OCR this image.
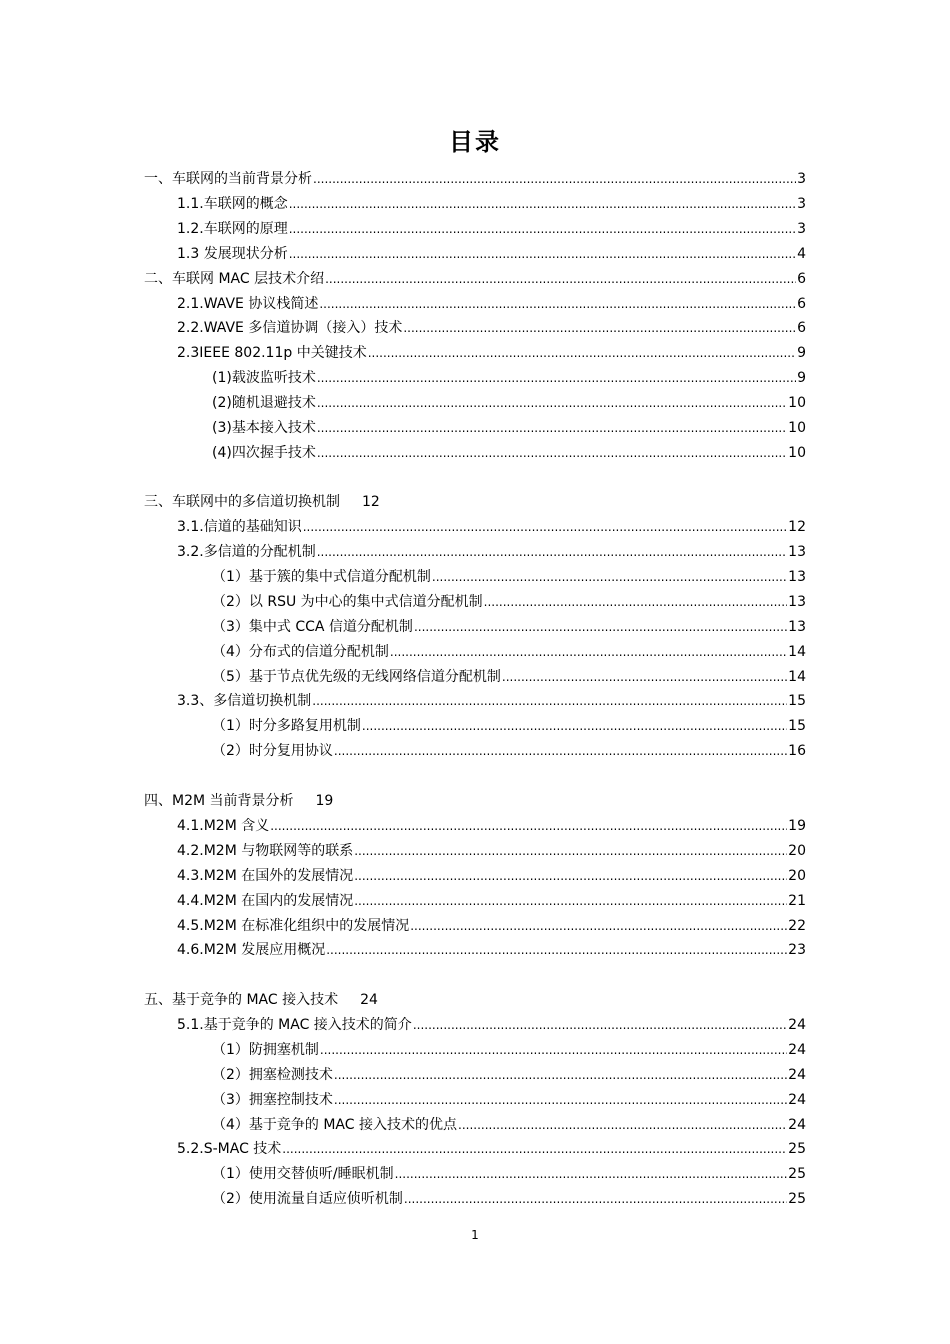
目录
一、车联网的当前背景分析 .....	3
1.1.车联网的概念 .....	3
1.2.车联网的原理 .....	3
1.3 发展现状分析 .....	4
二、车联网 MAC 层技术介绍 .....	6
2.1.WAVE 协议栈简述 .....	6
2.2.WAVE 多信道协调（接入）技术 .....	6
2.3IEEE 802.11p 中关键技术 .....	9
(1)载波监听技术 .....	9
(2)随机退避技术 .....	10
(3)基本接入技术 .....	10
(4)四次握手技术 .....	10
三、车联网中的多信道切换机制	12
3.1.信道的基础知识 .....	12
3.2.多信道的分配机制 .....	13
（1）基于簇的集中式信道分配机制 .....	13
（2）以 RSU 为中心的集中式信道分配机制 .....	13
（3）集中式 CCA 信道分配机制 .....	13
（4）分布式的信道分配机制 .....	14
（5）基于节点优先级的无线网络信道分配机制 .....	14
3.3、多信道切换机制 .....	15
（1）时分多路复用机制 .....	15
（2）时分复用协议 .....	16
四、M2M 当前背景分析	19
4.1.M2M 含义 .....	19
4.2.M2M 与物联网等的联系 .....	20
4.3.M2M 在国外的发展情况 .....	20
4.4.M2M 在国内的发展情况 .....	21
4.5.M2M 在标准化组织中的发展情况 .....	22
4.6.M2M 发展应用概况 .....	23
五、基于竞争的 MAC 接入技术	24
5.1.基于竞争的 MAC 接入技术的简介 .....	24
（1）防拥塞机制 .....	24
（2）拥塞检测技术 .....	24
（3）拥塞控制技术 .....	24
（4）基于竞争的 MAC 接入技术的优点 .....	24
5.2.S-MAC 技术 .....	25
（1）使用交替侦听/睡眠机制 .....	25
（2）使用流量自适应侦听机制 .....	25
1
